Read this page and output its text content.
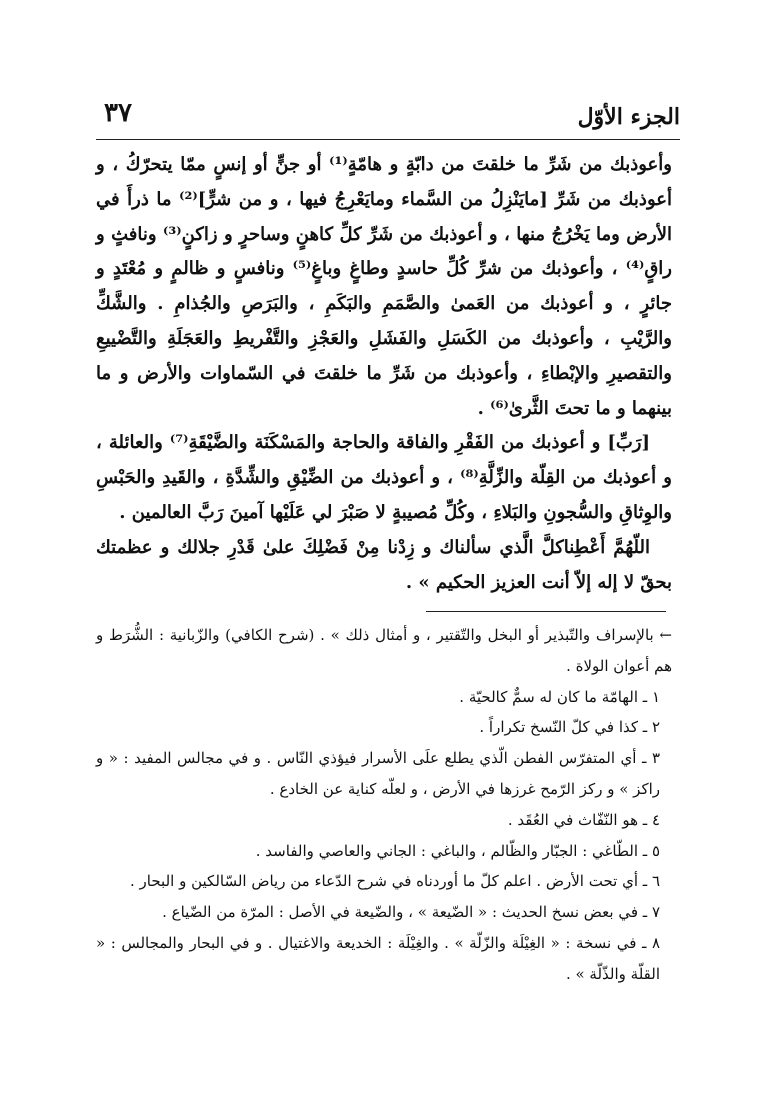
الجزء الأوّل
٣٧

وأعوذبك من شَرِّ ما خلقتَ من دابّةٍ و هامّةٍ⁽¹⁾ أو جنٍّ أو إنسٍ ممّا يتحرّكُ ، و أعوذبك من شَرِّ [مايَنْزِلُ من السَّماء ومايَعْرِجُ فيها ، و من شرٍّ]⁽²⁾ ما ذرأَ في الأرض وما يَخْرُجُ منها ، و أعوذبك من شَرِّ كلِّ كاهنٍ وساحرٍ و زاكنٍ⁽³⁾ ونافثٍ و راقٍ⁽⁴⁾ ، وأعوذبك من شرِّ كُلِّ حاسدٍ وطاغٍ وباغٍ⁽⁵⁾ ونافسٍ و ظالمٍ و مُعْتَدٍ و جائرٍ ، و أعوذبك من العَمىٰ والصَّمَمِ والبَكَمِ ، والبَرَصِ والجُذامِ . والشَّكِّ والرَّيْبِ ، وأعوذبك من الكَسَلِ والفَشَلِ والعَجْزِ والتَّفْريطِ والعَجَلَةِ والتَّضْييعِ والتقصيرِ والإبْطاءِ ، وأعوذبك من شَرِّ ما خلقتَ في السّماوات والأرض و ما بينهما و ما تحتَ الثَّرىٰ⁽⁶⁾ .

[رَبِّ] و أعوذبك من الفَقْرِ والفاقة والحاجة والمَسْكَنَة والضَّيْقَةِ⁽⁷⁾ والعائلة ، و أعوذبك من القِلّة والزِّلَّةِ⁽⁸⁾ ، و أعوذبك من الضِّيْقِ والشِّدَّةِ ، والقَيدِ والحَبْسِ والوِثاقِ والسُّجونِ والبَلاءِ ، وكُلِّ مُصيبةٍ لا صَبْرَ لي عَلَيْها آمينَ رَبَّ العالمين .

اللّهُمَّ أَعْطِناكلَّ الَّذي سألناك و زِدْنا مِنْ فَضْلِكَ علىٰ قَدْرِ جلالك و عظمتك بحقّ لا إله إلاّ أنت العزيز الحكيم » .

← بالإسراف والتّبذير أو البخل والتّقتير ، و أمثال ذلك » . (شرح الكافي) والزّبانية : الشُّرَط و هم أعوان الولاة .

١ ـ الهامّة ما كان له سمٌّ كالحيّة .

٢ ـ كذا في كلّ النّسخ تكراراً .

٣ ـ أي المتفرّس الفطن الّذي يطلع علَى الأسرار فيؤذي النّاس . و في مجالس المفيد : « و راكز » و ركز الرّمح غرزها في الأرض ، و لعلّه كناية عن الخادع .

٤ ـ هو النّفّاث في العُقَد .

٥ ـ الطّاغي : الجبّار والظّالم ، والباغي : الجاني والعاصي والفاسد .

٦ ـ أي تحت الأرض . اعلم كلّ ما أوردناه في شرح الدّعاء من رياض السّالكين و البحار .

٧ ـ في بعض نسخ الحديث : « الضّيعة » ، والضّيعة في الأصل : المرّة من الضّياع .

٨ ـ في نسخة : « الغِيْلَة والزّلّة » . والغِيْلَة : الخديعة والاغتيال . و في البحار والمجالس : « القلّة والذّلّة » .
